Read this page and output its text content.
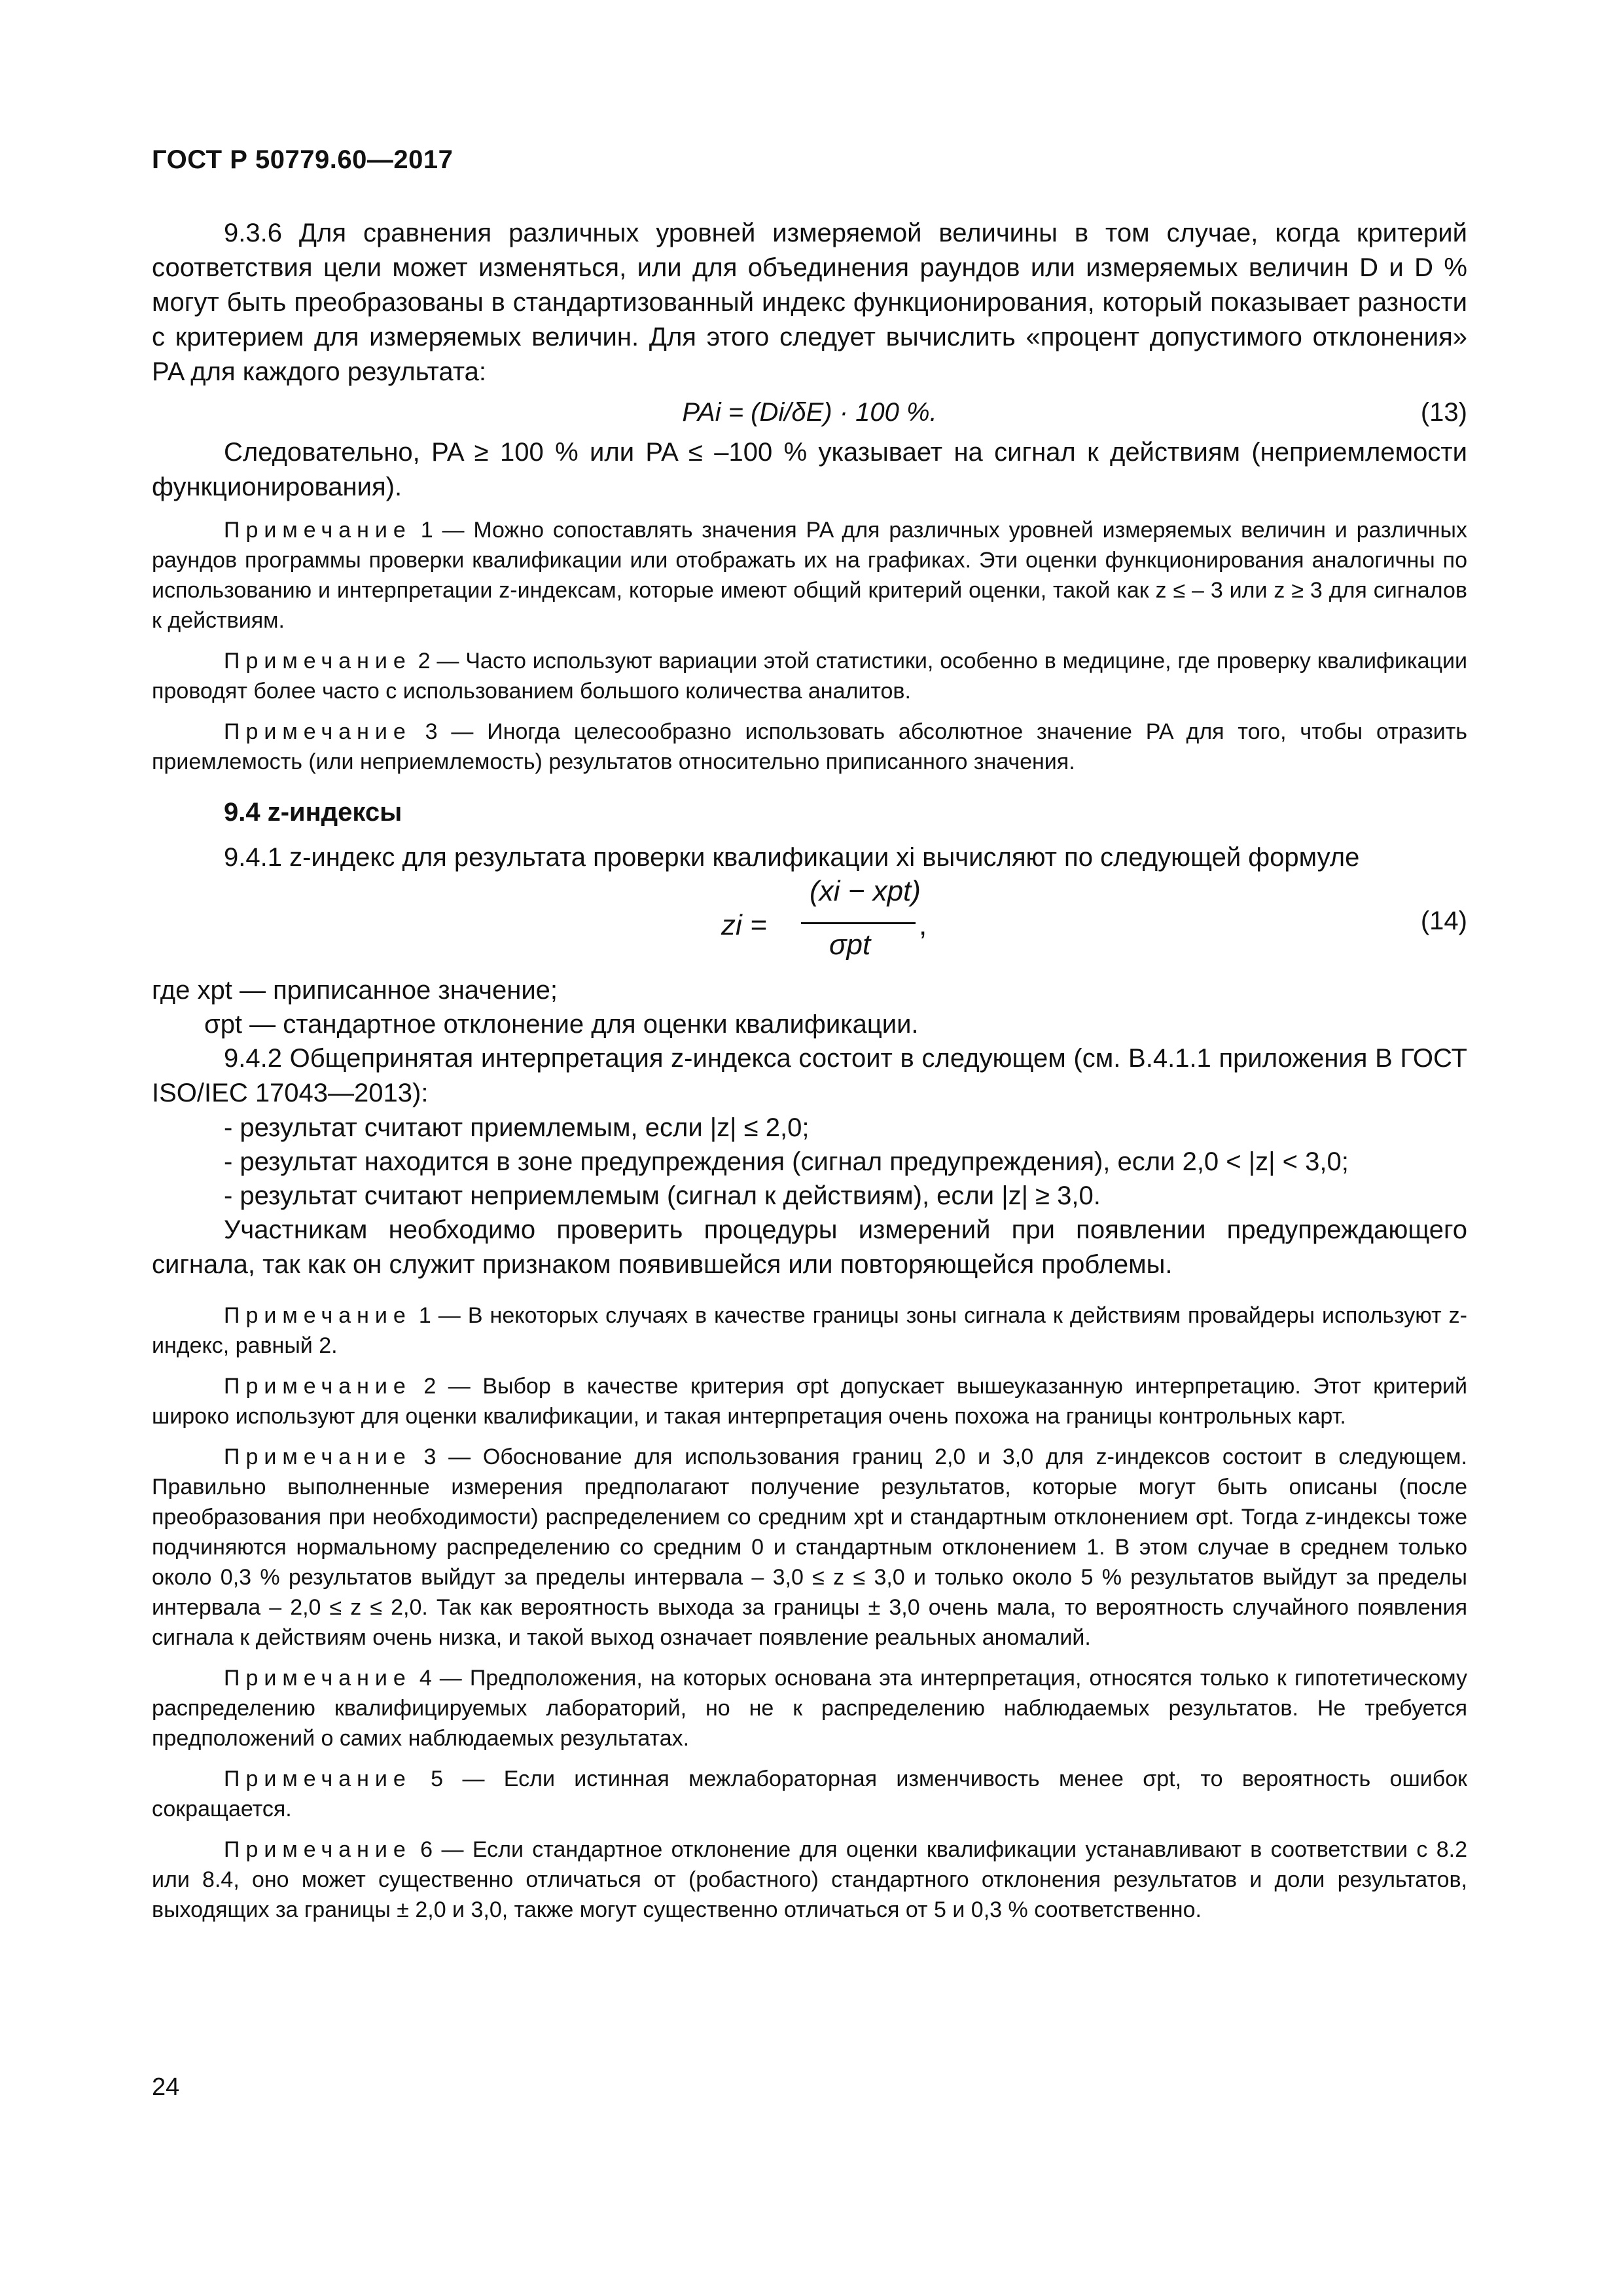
ГОСТ Р 50779.60—2017

9.3.6 Для сравнения различных уровней измеряемой величины в том случае, когда критерий соответствия цели может изменяться, или для объединения раундов или измеряемых величин D и D % могут быть преобразованы в стандартизованный индекс функционирования, который показывает разности с критерием для измеряемых величин. Для этого следует вычислить «процент допустимого отклонения» PA для каждого результата:

PAi = (Di/δE) · 100 %.	(13)

Следовательно, PA ≥ 100 % или PA ≤ –100 % указывает на сигнал к действиям (неприемлемости функционирования).

Примечание 1 — Можно сопоставлять значения PA для различных уровней измеряемых величин и различных раундов программы проверки квалификации или отображать их на графиках. Эти оценки функционирования аналогичны по использованию и интерпретации z-индексам, которые имеют общий критерий оценки, такой как z ≤ – 3 или z ≥ 3 для сигналов к действиям.

Примечание 2 — Часто используют вариации этой статистики, особенно в медицине, где проверку квалификации проводят более часто с использованием большого количества аналитов.

Примечание 3 — Иногда целесообразно использовать абсолютное значение PA для того, чтобы отразить приемлемость (или неприемлемость) результатов относительно приписанного значения.

9.4 z-индексы

9.4.1 z-индекс для результата проверки квалификации xi вычисляют по следующей формуле

zi =
(xi − xpt)
σpt
,	(14)

где xpt — приписанное значение;

σpt — стандартное отклонение для оценки квалификации.

9.4.2 Общепринятая интерпретация z-индекса состоит в следующем (см. B.4.1.1 приложения B ГОСТ ISO/IEC 17043—2013):

- результат считают приемлемым, если |z| ≤ 2,0;

- результат находится в зоне предупреждения (сигнал предупреждения), если 2,0 < |z| < 3,0;

- результат считают неприемлемым (сигнал к действиям), если |z| ≥ 3,0.

Участникам необходимо проверить процедуры измерений при появлении предупреждающего сигнала, так как он служит признаком появившейся или повторяющейся проблемы.

Примечание 1 — В некоторых случаях в качестве границы зоны сигнала к действиям провайдеры используют z-индекс, равный 2.

Примечание 2 — Выбор в качестве критерия σpt допускает вышеуказанную интерпретацию. Этот критерий широко используют для оценки квалификации, и такая интерпретация очень похожа на границы контрольных карт.

Примечание 3 — Обоснование для использования границ 2,0 и 3,0 для z-индексов состоит в следующем. Правильно выполненные измерения предполагают получение результатов, которые могут быть описаны (после преобразования при необходимости) распределением со средним xpt и стандартным отклонением σpt. Тогда z-индексы тоже подчиняются нормальному распределению со средним 0 и стандартным отклонением 1. В этом случае в среднем только около 0,3 % результатов выйдут за пределы интервала – 3,0 ≤ z ≤ 3,0 и только около 5 % результатов выйдут за пределы интервала – 2,0 ≤ z ≤ 2,0. Так как вероятность выхода за границы ± 3,0 очень мала, то вероятность случайного появления сигнала к действиям очень низка, и такой выход означает появление реальных аномалий.

Примечание 4 — Предположения, на которых основана эта интерпретация, относятся только к гипотетическому распределению квалифицируемых лабораторий, но не к распределению наблюдаемых результатов. Не требуется предположений о самих наблюдаемых результатах.

Примечание 5 — Если истинная межлабораторная изменчивость менее σpt, то вероятность ошибок сокращается.

Примечание 6 — Если стандартное отклонение для оценки квалификации устанавливают в соответствии с 8.2 или 8.4, оно может существенно отличаться от (робастного) стандартного отклонения результатов и доли результатов, выходящих за границы ± 2,0 и 3,0, также могут существенно отличаться от 5 и 0,3 % соответственно.

24
